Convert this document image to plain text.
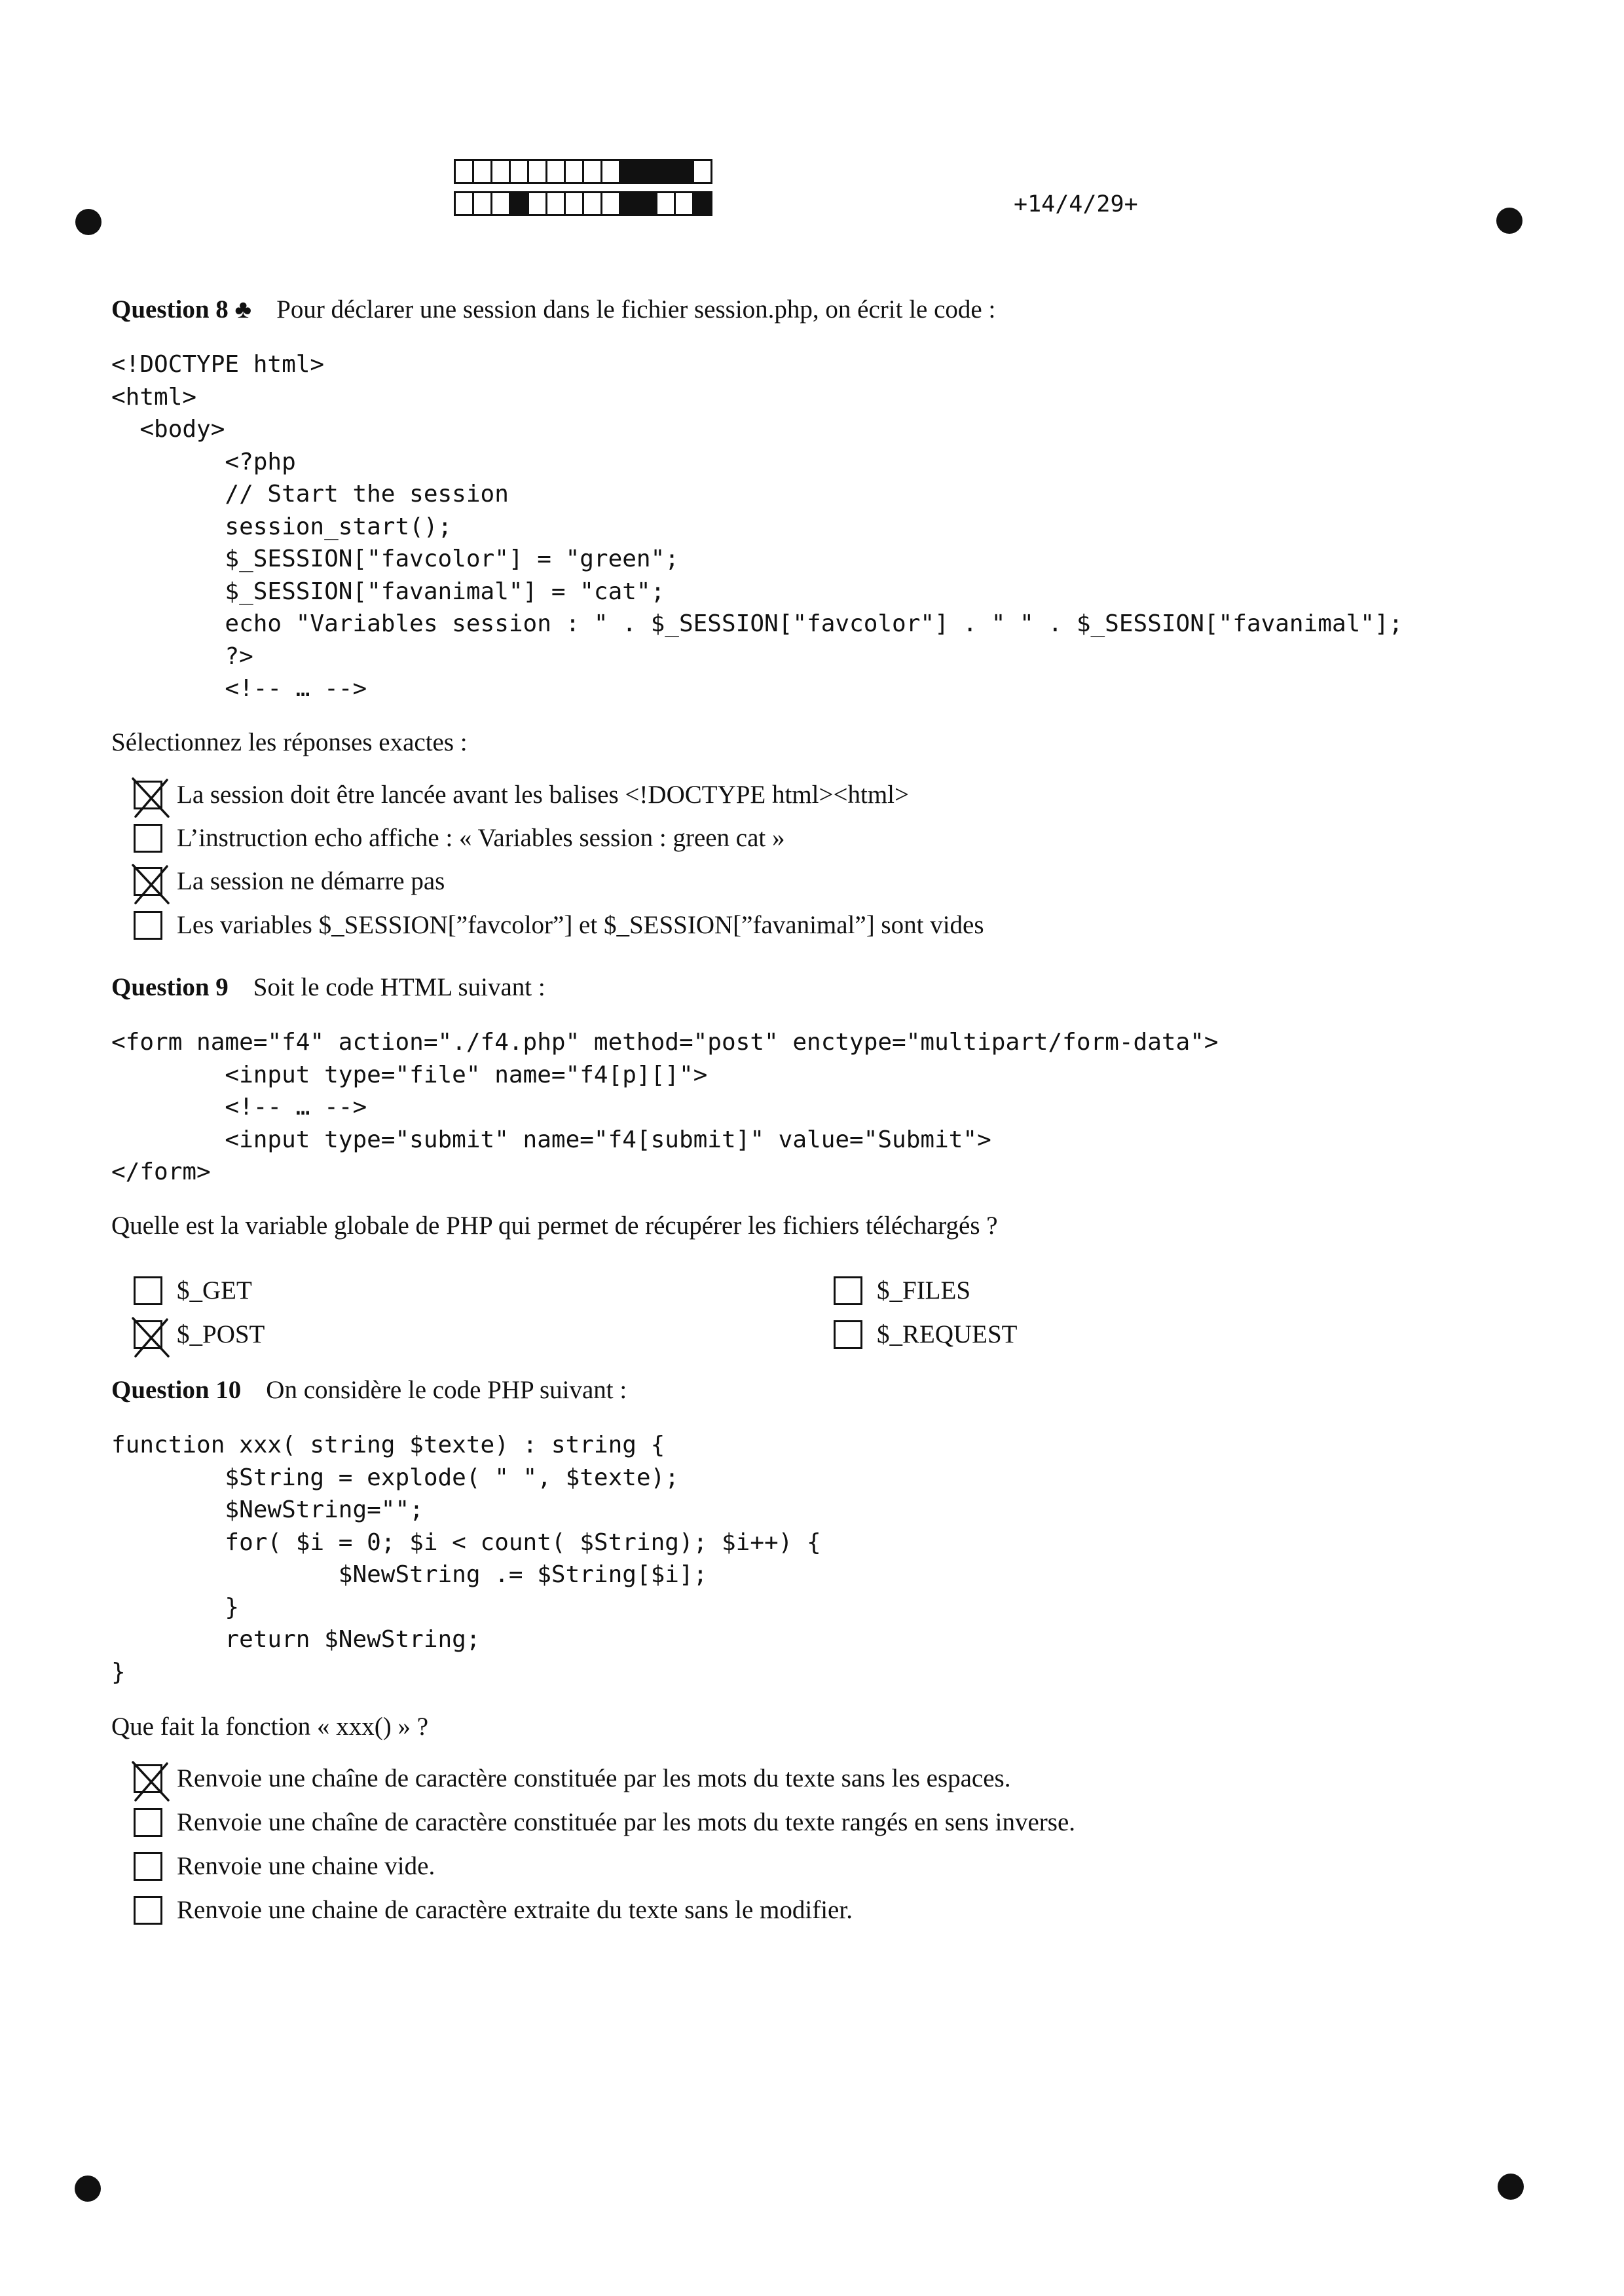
+14/4/29+
Question 8 ♣ Pour déclarer une session dans le fichier session.php, on écrit le code :
<!DOCTYPE html>
<html>
<body>
<?php
// Start the session
session_start();
$_SESSION["favcolor"] = "green";
$_SESSION["favanimal"] = "cat";
echo "Variables session : " . $_SESSION["favcolor"] . " " . $_SESSION["favanimal"];
?>
<!-- … -->
Sélectionnez les réponses exactes :
La session doit être lancée avant les balises <!DOCTYPE html><html>
L’instruction echo affiche : « Variables session : green cat »
La session ne démarre pas
Les variables $_SESSION[”favcolor”] et $_SESSION[”favanimal”] sont vides
Question 9 Soit le code HTML suivant :
<form name="f4" action="./f4.php" method="post" enctype="multipart/form-data">
<input type="file" name="f4[p][]">
<!-- … -->
<input type="submit" name="f4[submit]" value="Submit">
</form>
Quelle est la variable globale de PHP qui permet de récupérer les fichiers téléchargés ?
$_GET
$_POST
$_FILES
$_REQUEST
Question 10 On considère le code PHP suivant :
function xxx( string $texte) : string {
$String = explode( " ", $texte);
$NewString="";
for( $i = 0; $i < count( $String); $i++) {
$NewString .= $String[$i];
}
return $NewString;
}
Que fait la fonction « xxx() » ?
Renvoie une chaîne de caractère constituée par les mots du texte sans les espaces.
Renvoie une chaîne de caractère constituée par les mots du texte rangés en sens inverse.
Renvoie une chaine vide.
Renvoie une chaine de caractère extraite du texte sans le modifier.
